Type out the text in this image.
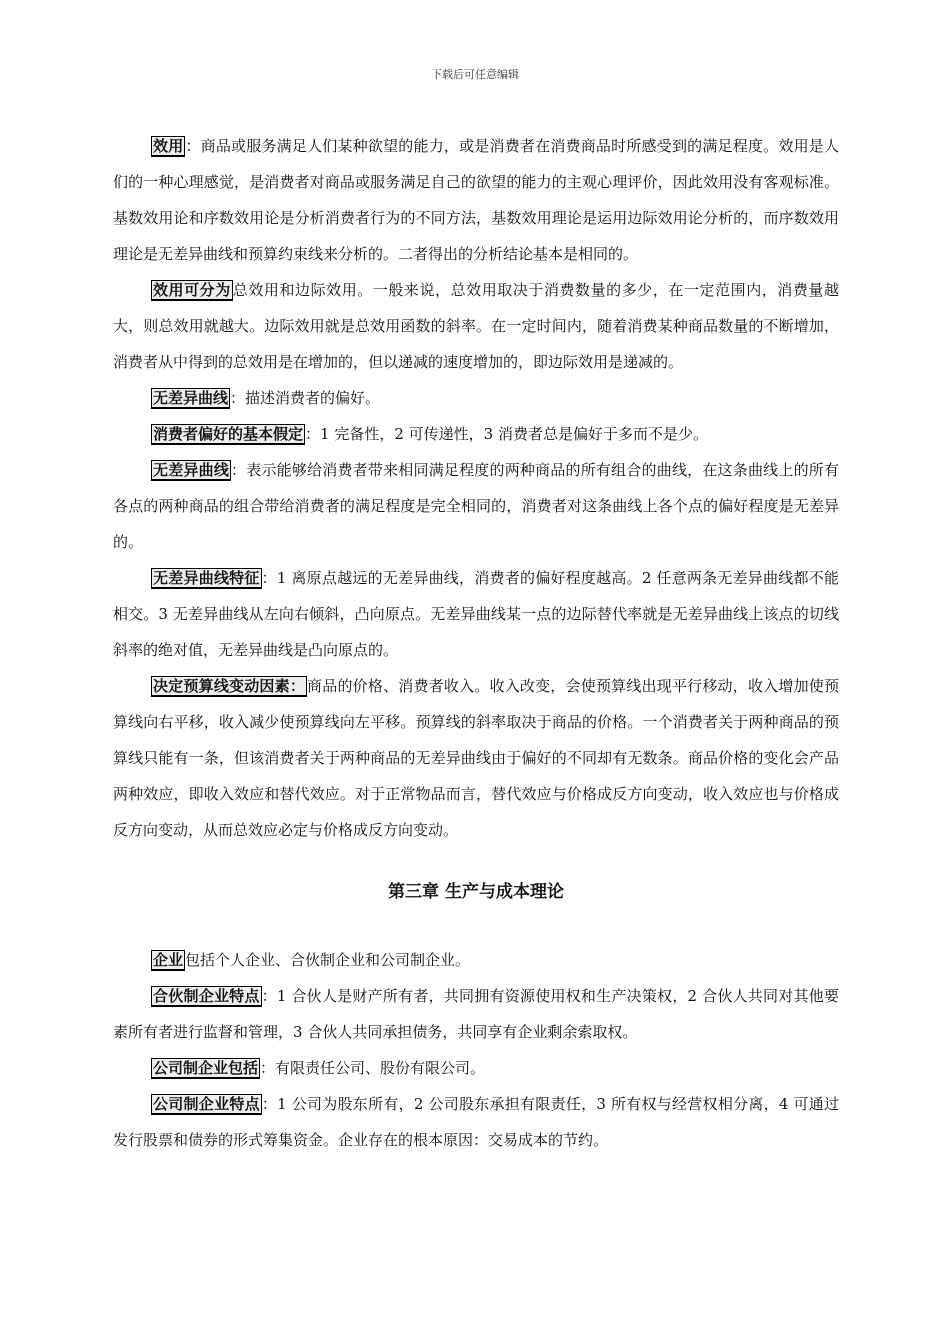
下载后可任意编辑

效用 ：商品或服务满足人们某种欲望的能力，或是消费者在消费商品时所感受到的满足程度。效用是人们的一种心理感觉，是消费者对商品或服务满足自己的欲望的能力的主观心理评价，因此效用没有客观标准。基数效用论和序数效用论是分析消费者行为的不同方法，基数效用理论是运用边际效用论分析的，而序数效用理论是无差异曲线和预算约束线来分析的。二者得出的分析结论基本是相同的。

效用可分为 总效用和边际效用。一般来说，总效用取决于消费数量的多少，在一定范围内，消费量越大，则总效用就越大。边际效用就是总效用函数的斜率。在一定时间内，随着消费某种商品数量的不断增加，消费者从中得到的总效用是在增加的，但以递减的速度增加的，即边际效用是递减的。

无差异曲线 ：描述消费者的偏好。

消费者偏好的基本假定 ：1 完备性，2 可传递性，3 消费者总是偏好于多而不是少。

无差异曲线 ：表示能够给消费者带来相同满足程度的两种商品的所有组合的曲线，在这条曲线上的所有各点的两种商品的组合带给消费者的满足程度是完全相同的，消费者对这条曲线上各个点的偏好程度是无差异的。

无差异曲线特征 ：1 离原点越远的无差异曲线，消费者的偏好程度越高。2 任意两条无差异曲线都不能相交。3 无差异曲线从左向右倾斜，凸向原点。无差异曲线某一点的边际替代率就是无差异曲线上该点的切线斜率的绝对值，无差异曲线是凸向原点的。

决定预算线变动因素： 商品的价格、消费者收入。收入改变，会使预算线出现平行移动，收入增加使预算线向右平移，收入减少使预算线向左平移。预算线的斜率取决于商品的价格。一个消费者关于两种商品的预算线只能有一条，但该消费者关于两种商品的无差异曲线由于偏好的不同却有无数条。商品价格的变化会产品两种效应，即收入效应和替代效应。对于正常物品而言，替代效应与价格成反方向变动，收入效应也与价格成反方向变动，从而总效应必定与价格成反方向变动。

第三章 生产与成本理论

企业 包括个人企业、合伙制企业和公司制企业。

合伙制企业特点 ：1 合伙人是财产所有者，共同拥有资源使用权和生产决策权，2 合伙人共同对其他要素所有者进行监督和管理，3 合伙人共同承担债务，共同享有企业剩余索取权。

公司制企业包括 ：有限责任公司、股份有限公司。

公司制企业特点 ：1 公司为股东所有，2 公司股东承担有限责任，3 所有权与经营权相分离，4 可通过发行股票和债券的形式筹集资金。企业存在的根本原因：交易成本的节约。
